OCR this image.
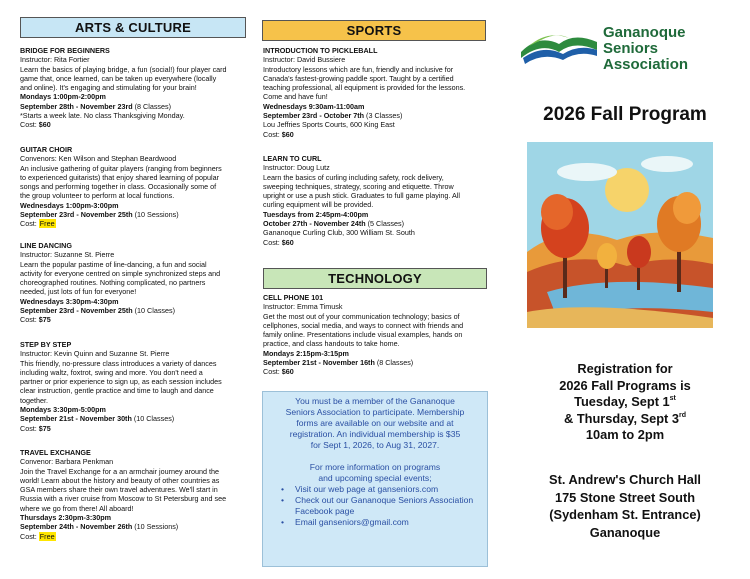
ARTS & CULTURE	SPORTS
TECHNOLOGY
BRIDGE FOR BEGINNERS
Instructor: Rita Fortier
Learn the basics of playing bridge, a fun (social!) four player card
game that, once learned, can be taken up everywhere (locally
and online). It's engaging and stimulating for your brain!
Mondays 1:00pm-2:00pm
September 28th - November 23rd (8 Classes)
*Starts a week late. No class Thanksgiving Monday.
Cost: $60
GUITAR CHOIR
Convenors: Ken Wilson and Stephan Beardwood
An inclusive gathering of guitar players (ranging from beginners
to experienced guitarists) that enjoy shared learning of popular
songs and performing together in class. Occasionally some of
the group volunteer to perform at local functions.
Wednesdays 1:00pm-3:00pm
September 23rd - November 25th (10 Sessions)
Cost: Free
LINE DANCING
Instructor: Suzanne St. Pierre
Learn the popular pastime of line-dancing, a fun and social
activity for everyone centred on simple synchronized steps and
choreographed routines. Nothing complicated, no partners
needed, just lots of fun for everyone!
Wednesdays 3:30pm-4:30pm
September 23rd - November 25th (10 Classes)
Cost: $75
STEP BY STEP
Instructor: Kevin Quinn and Suzanne St. Pierre
This friendly, no-pressure class introduces a variety of dances
including waltz, foxtrot, swing and more. You don't need a
partner or prior experience to sign up, as each session includes
clear instruction, gentle practice and time to laugh and dance
together.
Mondays 3:30pm-5:00pm
September 21st - November 30th (10 Classes)
Cost: $75
TRAVEL EXCHANGE
Convenor: Barbara Penkman
Join the Travel Exchange for a an armchair journey around the
world! Learn about the history and beauty of other countries as
GSA members share their own travel adventures. We'll start in
Russia with a river cruise from Moscow to St Petersburg and see
where we go from there! All aboard!
Thursdays 2:30pm-3:30pm
September 24th - November 26th (10 Sessions)
Cost: Free
INTRODUCTION TO PICKLEBALL
Instructor: David Bussiere
Introductory lessons which are fun, friendly and inclusive for
Canada's fastest-growing paddle sport. Taught by a certified
teaching professional, all equipment is provided for the lessons.
Come and have fun!
Wednesdays 9:30am-11:00am
September 23rd - October 7th (3 Classes)
Lou Jeffries Sports Courts, 600 King East
Cost: $60
LEARN TO CURL
Instructor: Doug Lutz
Learn the basics of curling including safety, rock delivery,
sweeping techniques, strategy, scoring and etiquette. Throw
upright or use a push stick. Graduates to full game playing. All
curling equipment will be provided.
Tuesdays from 2:45pm-4:00pm
October 27th - November 24th (5 Classes)
Gananoque Curling Club, 300 William St. South
Cost: $60
CELL PHONE 101
Instructor: Emma Timusk
Get the most out of your communication technology; basics of
cellphones, social media, and ways to connect with friends and
family online. Presentations include visual examples, hands on
practice, and class handouts to take home.
Mondays 2:15pm-3:15pm
September 21st - November 16th (8 Classes)
Cost: $60
You must be a member of the Gananoque
Seniors Association to participate. Membership
forms are available on our website and at
registration. An individual membership is $35
for Sept 1, 2026, to Aug 31, 2027.
For more information on programs
and upcoming special events;
• Visit our web page at ganseniors.com
• Check out our Gananoque Seniors Association Facebook page
• Email ganseniors@gmail.com
Gananoque
Seniors Association
2026 Fall Program
Registration for
2026 Fall Programs is
Tuesday, Sept 1st
& Thursday, Sept 3rd
10am to 2pm
St. Andrew's Church Hall
175 Stone Street South
(Sydenham St. Entrance)
Gananoque
